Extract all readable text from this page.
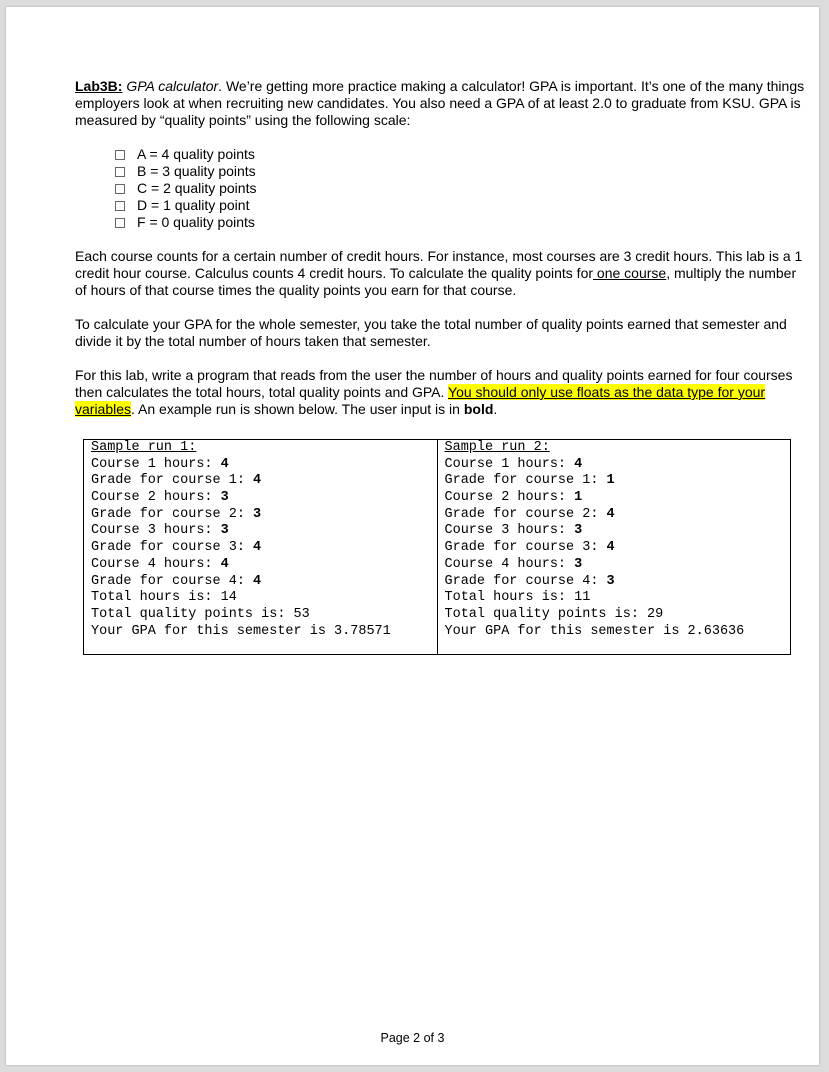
Lab3B: GPA calculator. We’re getting more practice making a calculator! GPA is important. It’s one of the many things employers look at when recruiting new candidates. You also need a GPA of at least 2.0 to graduate from KSU. GPA is measured by “quality points” using the following scale:

A = 4 quality points
B = 3 quality points
C = 2 quality points
D = 1 quality point
F = 0 quality points

Each course counts for a certain number of credit hours. For instance, most courses are 3 credit hours. This lab is a 1 credit hour course. Calculus counts 4 credit hours. To calculate the quality points for one course, multiply the number of hours of that course times the quality points you earn for that course.

To calculate your GPA for the whole semester, you take the total number of quality points earned that semester and divide it by the total number of hours taken that semester.

For this lab, write a program that reads from the user the number of hours and quality points earned for four courses then calculates the total hours, total quality points and GPA. You should only use floats as the data type for your variables. An example run is shown below. The user input is in bold.

Sample run 1:
Course 1 hours: 4
Grade for course 1: 4
Course 2 hours: 3
Grade for course 2: 3
Course 3 hours: 3
Grade for course 3: 4
Course 4 hours: 4
Grade for course 4: 4
Total hours is: 14
Total quality points is: 53
Your GPA for this semester is 3.78571

Sample run 2:
Course 1 hours: 4
Grade for course 1: 1
Course 2 hours: 1
Grade for course 2: 4
Course 3 hours: 3
Grade for course 3: 4
Course 4 hours: 3
Grade for course 4: 3
Total hours is: 11
Total quality points is: 29
Your GPA for this semester is 2.63636
Page 2 of 3
